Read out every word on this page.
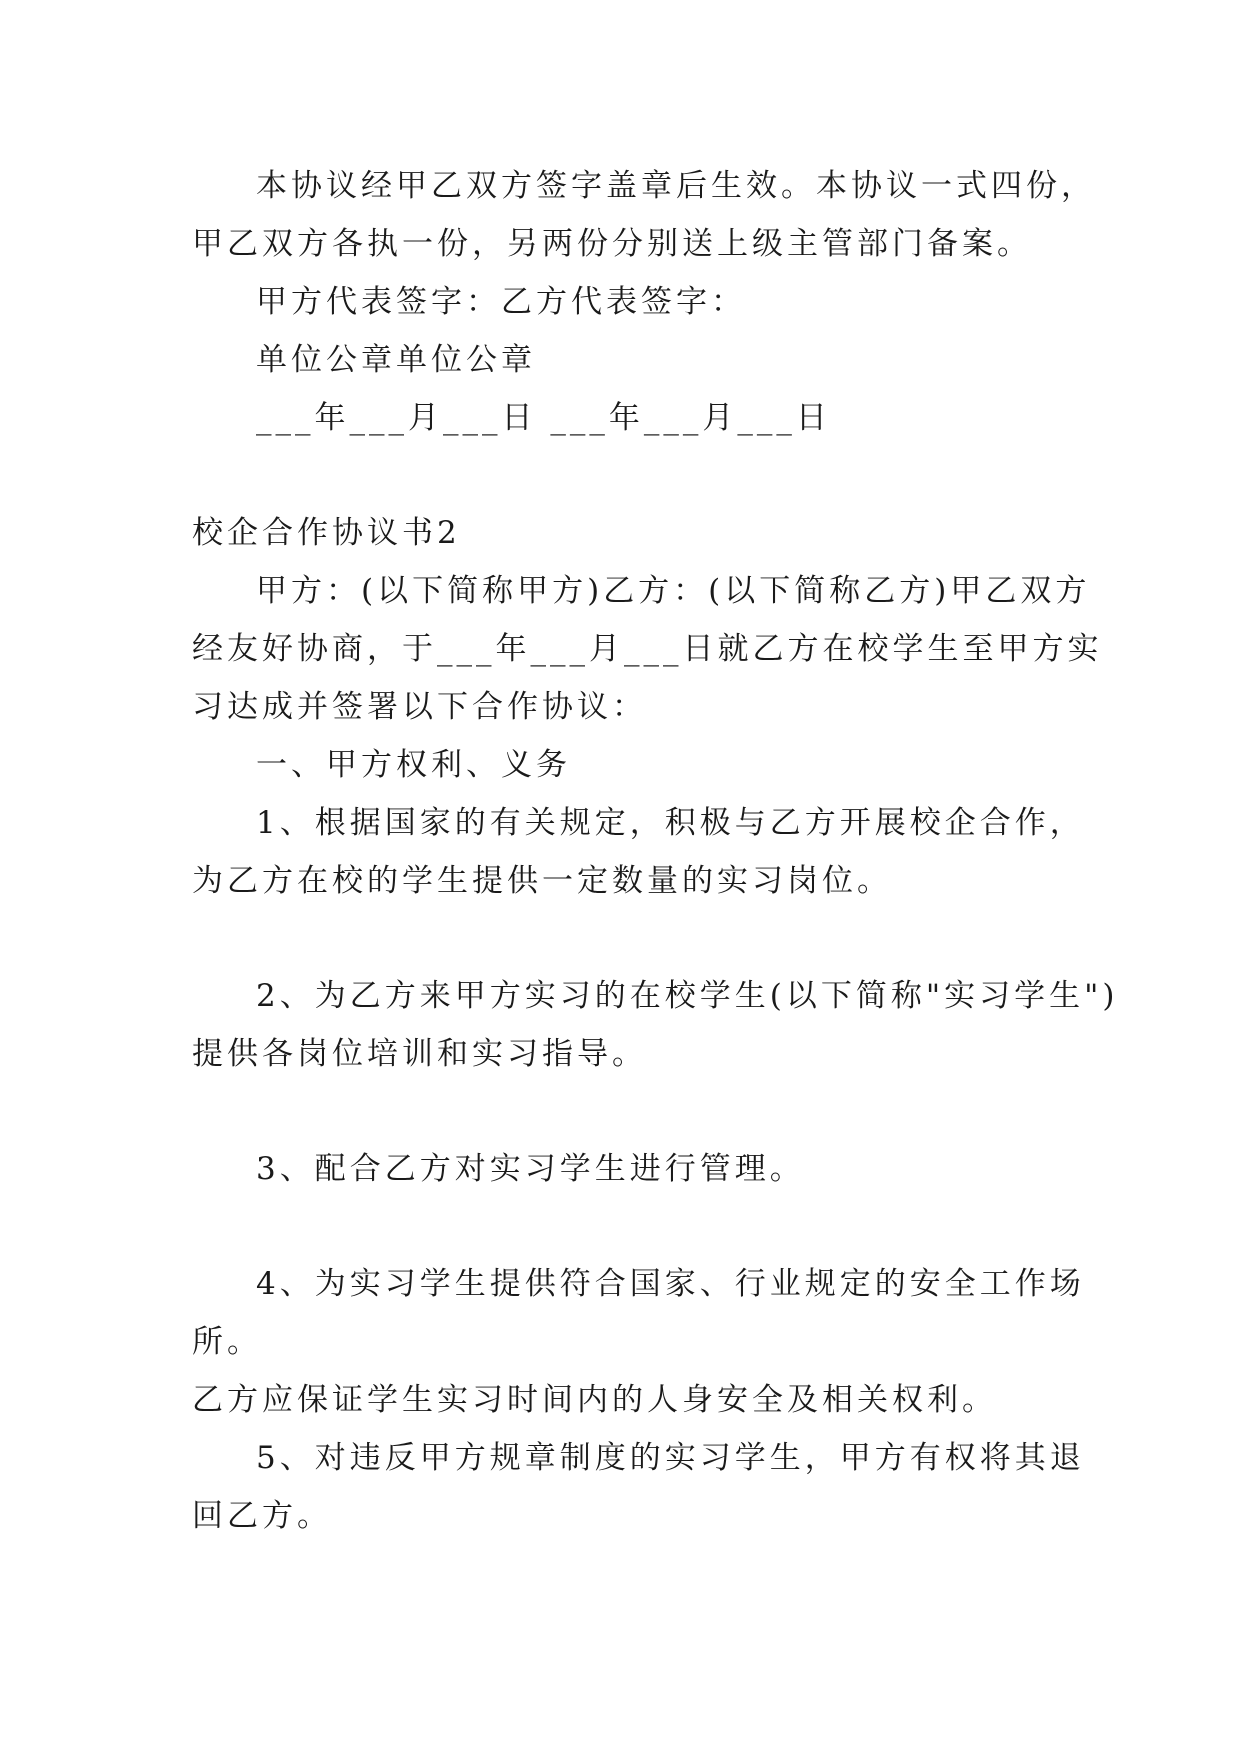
本协议经甲乙双方签字盖章后生效。本协议一式四份，
甲乙双方各执一份，另两份分别送上级主管部门备案。
甲方代表签字：乙方代表签字：
单位公章单位公章
___年___月___日 ___年___月___日
校企合作协议书2
甲方：(以下简称甲方)乙方：(以下简称乙方)甲乙双方
经友好协商，于___年___月___日就乙方在校学生至甲方实
习达成并签署以下合作协议：
一、甲方权利、义务
1、根据国家的有关规定，积极与乙方开展校企合作，
为乙方在校的学生提供一定数量的实习岗位。
2、为乙方来甲方实习的在校学生(以下简称"实习学生")
提供各岗位培训和实习指导。
3、配合乙方对实习学生进行管理。
4、为实习学生提供符合国家、行业规定的安全工作场
所。
乙方应保证学生实习时间内的人身安全及相关权利。
5、对违反甲方规章制度的实习学生，甲方有权将其退
回乙方。
